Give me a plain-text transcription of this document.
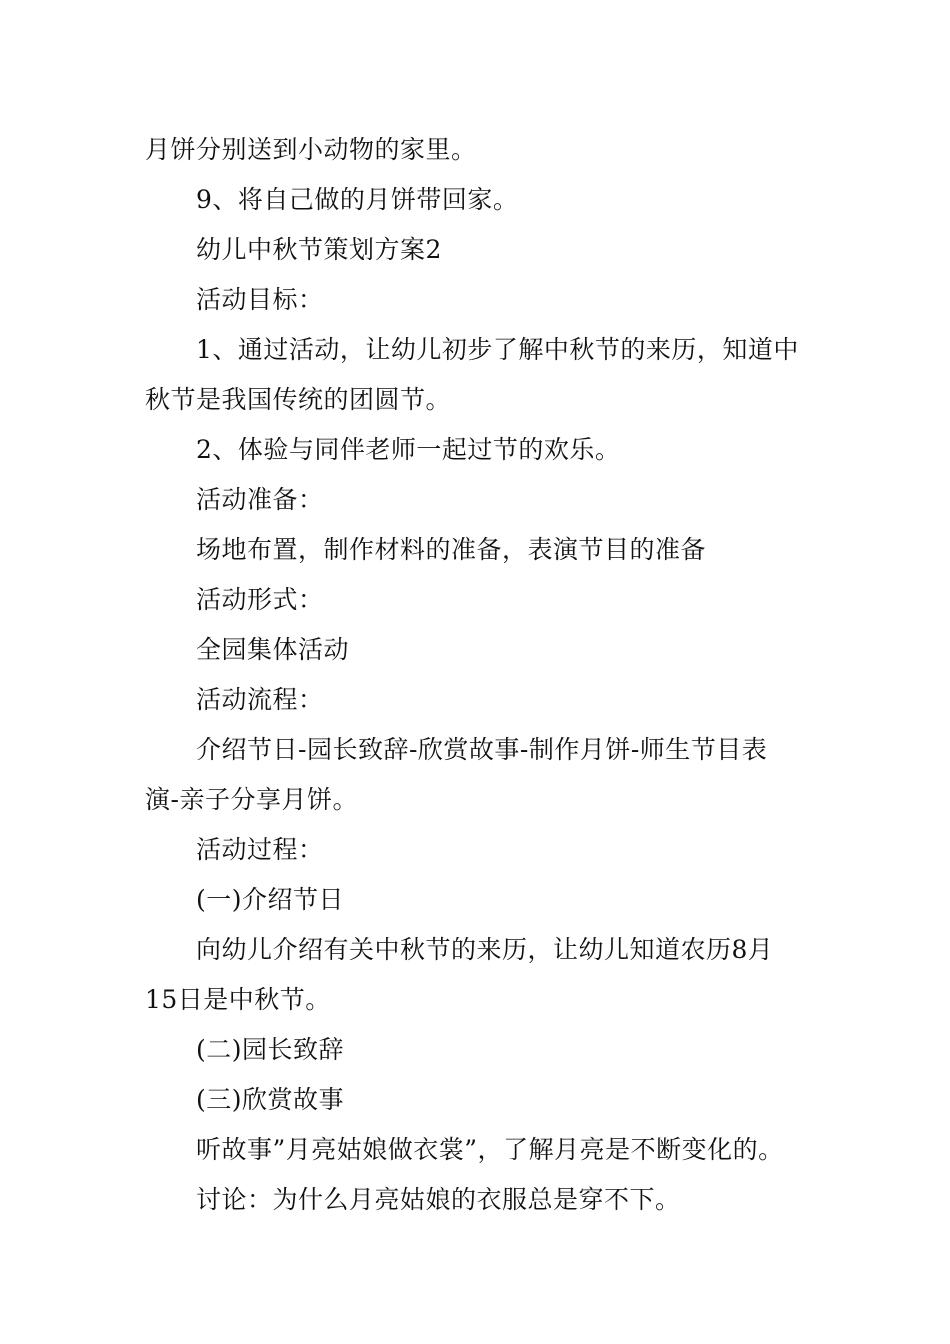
月饼分别送到小动物的家里。
9、将自己做的月饼带回家。
幼儿中秋节策划方案2
活动目标：
1、通过活动，让幼儿初步了解中秋节的来历，知道中
秋节是我国传统的团圆节。
2、体验与同伴老师一起过节的欢乐。
活动准备：
场地布置，制作材料的准备，表演节目的准备
活动形式：
全园集体活动
活动流程：
介绍节日-园长致辞-欣赏故事-制作月饼-师生节目表
演-亲子分享月饼。
活动过程：
(一)介绍节日
向幼儿介绍有关中秋节的来历，让幼儿知道农历8月
15日是中秋节。
(二)园长致辞
(三)欣赏故事
听故事”月亮姑娘做衣裳”，了解月亮是不断变化的。
讨论：为什么月亮姑娘的衣服总是穿不下。
